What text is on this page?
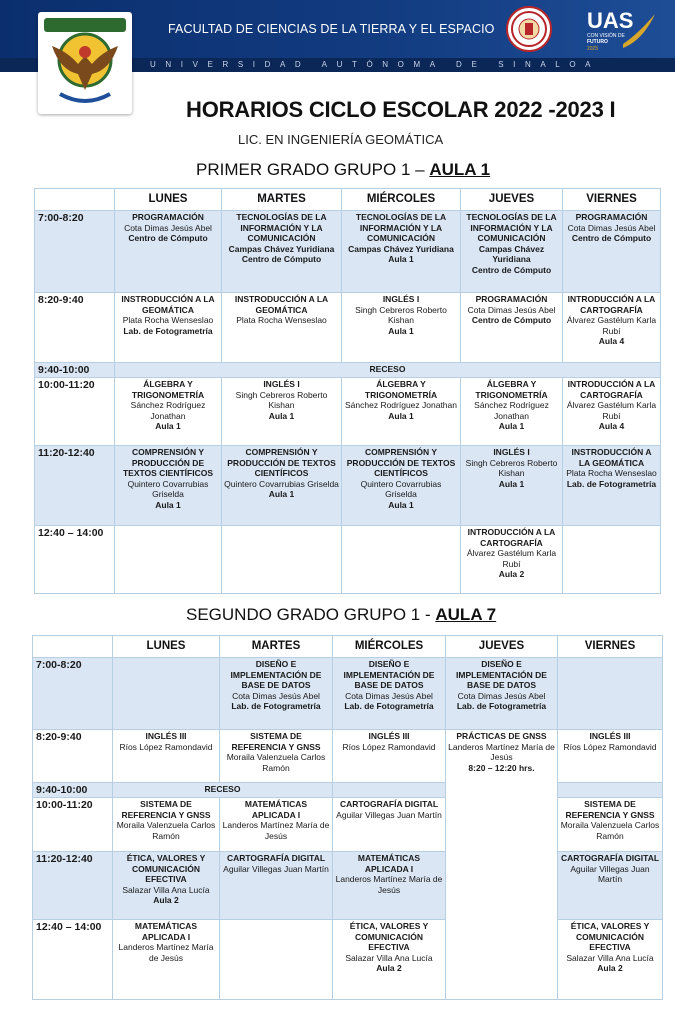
FACULTAD DE CIENCIAS DE LA TIERRA Y EL ESPACIO
UNIVERSIDAD AUTÓNOMA DE SINALOA
UAS
CON VISIÓN DE
FUTURO
2025
HORARIOS CICLO ESCOLAR 2022 -2023 I
LIC. EN INGENIERÍA GEOMÁTICA
PRIMER GRADO GRUPO 1 – AULA 1
SEGUNDO GRADO GRUPO 1 - AULA 7
	LUNES	MARTES	MIÉRCOLES	JUEVES	VIERNES
7:00-8:20	PROGRAMACIÓN
Cota Dimas Jesús Abel
Centro de Cómputo	TECNOLOGÍAS DE LA INFORMACIÓN Y LA COMUNICACIÓN
Campas Chávez Yuridiana
Centro de Cómputo	TECNOLOGÍAS DE LA INFORMACIÓN Y LA COMUNICACIÓN
Campas Chávez Yuridiana
Aula 1	TECNOLOGÍAS DE LA INFORMACIÓN Y LA COMUNICACIÓN
Campas Chávez Yuridiana
Centro de Cómputo	PROGRAMACIÓN
Cota Dimas Jesús Abel
Centro de Cómputo

8:20-9:40	INSTRODUCCIÓN A LA GEOMÁTICA
Plata Rocha Wenseslao
Lab. de Fotogrametría	INSTRODUCCIÓN A LA GEOMÁTICA
Plata Rocha Wenseslao	INGLÉS I
Singh Cebreros Roberto Kishan
Aula 1	PROGRAMACIÓN
Cota Dimas Jesús Abel
Centro de Cómputo	INTRODUCCIÓN A LA CARTOGRAFÍA
Álvarez Gastélum Karla Rubí
Aula 4

9:40-10:00	RECESO				
10:00-11:20	ÁLGEBRA Y TRIGONOMETRÍA
Sánchez Rodríguez Jonathan
Aula 1	INGLÉS I
Singh Cebreros Roberto Kishan
Aula 1	ÁLGEBRA Y TRIGONOMETRÍA
Sánchez Rodríguez Jonathan
Aula 1	ÁLGEBRA Y TRIGONOMETRÍA
Sánchez Rodríguez Jonathan
Aula 1	INTRODUCCIÓN A LA CARTOGRAFÍA
Álvarez Gastélum Karla Rubí
Aula 4

11:20-12:40	COMPRENSIÓN Y PRODUCCIÓN DE TEXTOS CIENTÍFICOS
Quintero Covarrubias Griselda
Aula 1	COMPRENSIÓN Y PRODUCCIÓN DE TEXTOS CIENTÍFICOS
Quintero Covarrubias Griselda
Aula 1	COMPRENSIÓN Y PRODUCCIÓN DE TEXTOS CIENTÍFICOS
Quintero Covarrubias Griselda
Aula 1	INGLÉS I
Singh Cebreros Roberto Kishan
Aula 1	INSTRODUCCIÓN A LA GEOMÁTICA
Plata Rocha Wenseslao
Lab. de Fotogrametría

12:40 – 14:00				INTRODUCCIÓN A LA CARTOGRAFÍA
Álvarez Gastélum Karla Rubí
Aula 2	

	LUNES	MARTES	MIÉRCOLES	JUEVES	VIERNES
7:00-8:20		DISEÑO E IMPLEMENTACIÓN DE BASE DE DATOS
Cota Dimas Jesús Abel
Lab. de Fotogrametría	DISEÑO E IMPLEMENTACIÓN DE BASE DE DATOS
Cota Dimas Jesús Abel
Lab. de Fotogrametría	DISEÑO E IMPLEMENTACIÓN DE BASE DE DATOS
Cota Dimas Jesús Abel
Lab. de Fotogrametría	

8:20-9:40	INGLÉS III
Ríos López Ramondavid	SISTEMA DE REFERENCIA Y GNSS
Moraila Valenzuela Carlos Ramón	INGLÉS III
Ríos López Ramondavid	PRÁCTICAS DE GNSS
Landeros Martínez María de Jesús
8:20 – 12:20 hrs.	INGLÉS III
Ríos López Ramondavid

9:40-10:00	RECESO				
10:00-11:20	SISTEMA DE REFERENCIA Y GNSS
Moraila Valenzuela Carlos Ramón	MATEMÁTICAS APLICADA I
Landeros Martínez María de Jesús	CARTOGRAFÍA DIGITAL
Aguilar Villegas Juan Martín		SISTEMA DE REFERENCIA Y GNSS
Moraila Valenzuela Carlos Ramón

11:20-12:40	ÉTICA, VALORES Y COMUNICACIÓN EFECTIVA
Salazar Villa Ana Lucía
Aula 2	CARTOGRAFÍA DIGITAL
Aguilar Villegas Juan Martín	MATEMÁTICAS APLICADA I
Landeros Martínez María de Jesús		CARTOGRAFÍA DIGITAL
Aguilar Villegas Juan Martín

12:40 – 14:00	MATEMÁTICAS APLICADA I
Landeros Martínez María de Jesús		ÉTICA, VALORES Y COMUNICACIÓN EFECTIVA
Salazar Villa Ana Lucía
Aula 2		ÉTICA, VALORES Y COMUNICACIÓN EFECTIVA
Salazar Villa Ana Lucía
Aula 2
